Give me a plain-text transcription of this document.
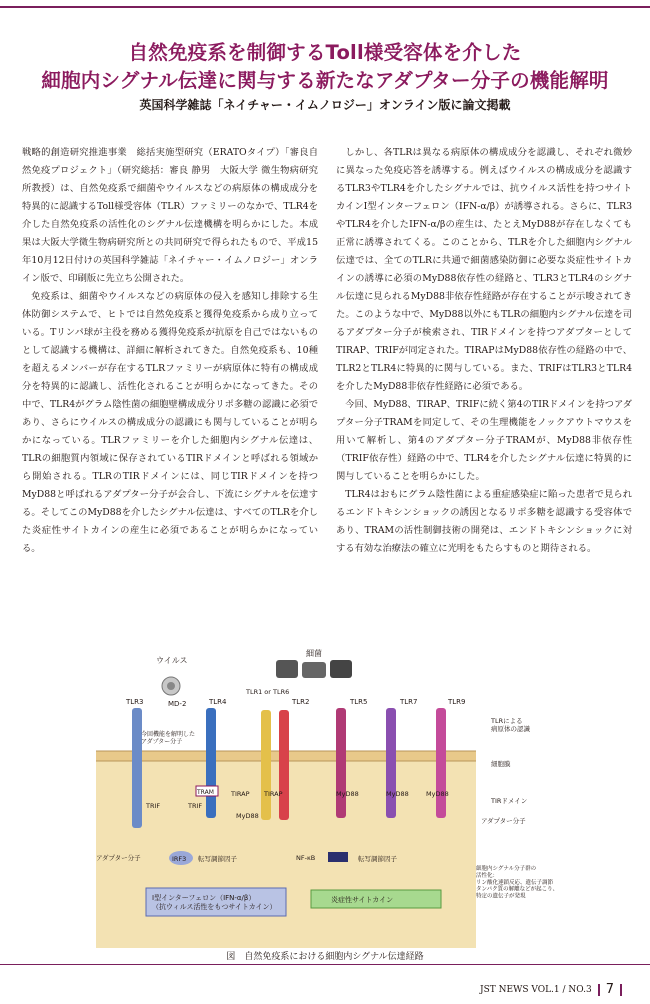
自然免疫系を制御するToll様受容体を介した
細胞内シグナル伝達に関与する新たなアダプター分子の機能解明
英国科学雑誌「ネイチャー・イムノロジー」オンライン版に論文掲載

戦略的創造研究推進事業　総括実施型研究（ERATOタイプ）「審良自然免疫プロジェクト」（研究総括：審良 静男　大阪大学 微生物病研究所教授）は、自然免疫系で細菌やウイルスなどの病原体の構成成分を特異的に認識するToll様受容体（TLR）ファミリーのなかで、TLR4を介した自然免疫系の活性化のシグナル伝達機構を明らかにした。本成果は大阪大学微生物病研究所との共同研究で得られたもので、平成15年10月12日付けの英国科学雑誌「ネイチャー・イムノロジー」オンライン版で、印刷版に先立ち公開された。

免疫系は、細菌やウイルスなどの病原体の侵入を感知し排除する生体防御システムで、ヒトでは自然免疫系と獲得免疫系から成り立っている。Tリンパ球が主役を務める獲得免疫系が抗原を自己ではないものとして認識する機構は、詳細に解析されてきた。自然免疫系も、10種を超えるメンバーが存在するTLRファミリーが病原体に特有の構成成分を特異的に認識し、活性化されることが明らかになってきた。その中で、TLR4がグラム陰性菌の細胞壁構成成分リポ多糖の認識に必須であり、さらにウイルスの構成成分の認識にも関与していることが明らかになっている。TLRファミリーを介した細胞内シグナル伝達は、TLRの細胞質内領域に保存されているTIRドメインと呼ばれる領域から開始される。TLRのTIRドメインには、同じTIRドメインを持つMyD88と呼ばれるアダプター分子が会合し、下流にシグナルを伝達する。そしてこのMyD88を介したシグナル伝達は、すべてのTLRを介した炎症性サイトカインの産生に必須であることが明らかになっている。

しかし、各TLRは異なる病原体の構成成分を認識し、それぞれ微妙に異なった免疫応答を誘導する。例えばウイルスの構成成分を認識するTLR3やTLR4を介したシグナルでは、抗ウイルス活性を持つサイトカインI型インターフェロン（IFN-α/β）が誘導される。さらに、TLR3やTLR4を介したIFN-α/βの産生は、たとえMyD88が存在しなくても正常に誘導されてくる。このことから、TLRを介した細胞内シグナル伝達では、全てのTLRに共通で細菌感染防御に必要な炎症性サイトカインの誘導に必須のMyD88依存性の経路と、TLR3とTLR4のシグナル伝達に見られるMyD88非依存性経路が存在することが示唆されてきた。このような中で、MyD88以外にもTLRの細胞内シグナル伝達を司るアダプター分子が検索され、TIRドメインを持つアダプターとしてTIRAP、TRIFが同定された。TIRAPはMyD88依存性の経路の中で、TLR2とTLR4に特異的に関与している。また、TRIFはTLR3とTLR4を介したMyD88非依存性経路に必須である。

今回、MyD88、TIRAP、TRIFに続く第4のTIRドメインを持つアダプター分子TRAMを同定して、その生理機能をノックアウトマウスを用いて解析し、第4のアダプター分子TRAMが、MyD88非依存性（TRIF依存性）経路の中で、TLR4を介したシグナル伝達に特異的に関与していることを明らかにした。

TLR4はおもにグラム陰性菌による重症感染症に陥った患者で見られるエンドトキシンショックの誘因となるリポ多糖を認識する受容体であり、TRAMの活性制御技術の開発は、エンドトキシンショックに対する有効な治療法の確立に光明をもたらすものと期待される。

ウイルス
細菌
TLR3	MD-2	TLR4
TLR1 or TLR6
TLR2	TLR5	TLR7	TLR9
TRAM
TRIF	TRIF
TIRAP TIRAP
MyD88
MyD88	MyD88	MyD88
今回機能を解明したアダプター分子
IRF3	NF-κB
アダプター分子	転写調節因子	転写調節因子
I型インターフェロン（IFN-α/β）（抗ウィルス活性をもつサイトカイン）
炎症性サイトカイン
TLRによる病原体の認識
細胞膜
TIRドメイン
アダプター分子
細胞内シグナル分子群の活性化：リン酸化連鎖反応、遺伝子調節タンパク質の解離などが起こり、特定の遺伝子が発現
図　自然免疫系における細胞内シグナル伝達経路
JST NEWS VOL.1 / NO.3 7
